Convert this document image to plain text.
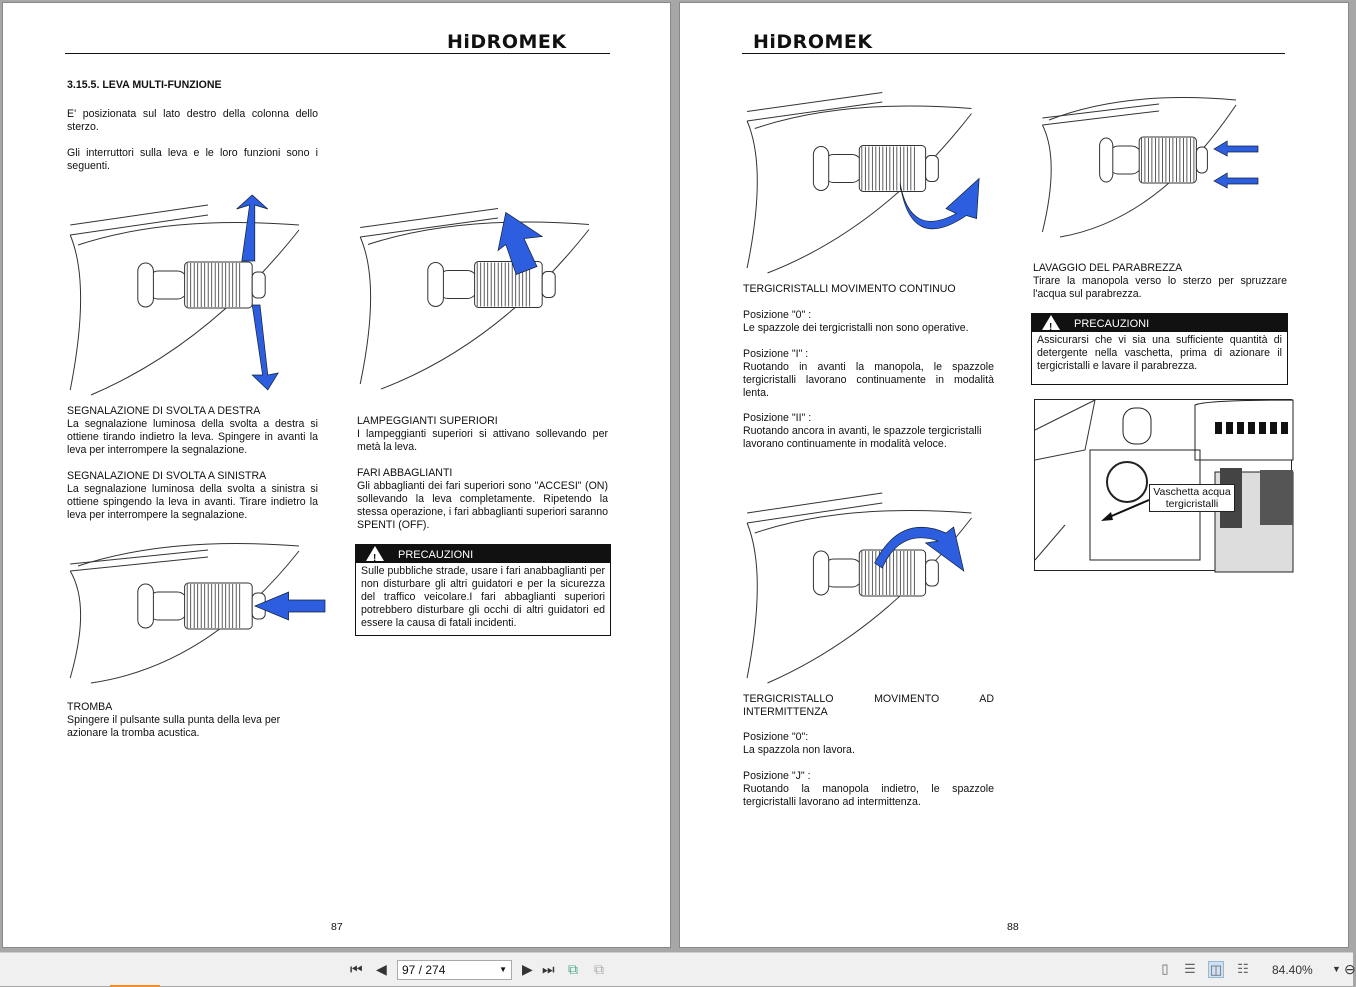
HiDROMEK
3.15.5. LEVA MULTI-FUNZIONE
E' posizionata sul lato destro della colonna dello sterzo.
Gli interruttori sulla leva e le loro funzioni sono i seguenti.
SEGNALAZIONE DI SVOLTA A DESTRA
La segnalazione luminosa della svolta a destra si ottiene tirando indietro la leva. Spingere in avanti la leva per interrompere la segnalazione.
SEGNALAZIONE DI SVOLTA A SINISTRA
La segnalazione luminosa della svolta a sinistra si ottiene spingendo la leva in avanti. Tirare indietro la leva per interrompere la segnalazione.
LAMPEGGIANTI SUPERIORI
I lampeggianti superiori si attivano sollevando per metà la leva.
FARI ABBAGLIANTI
Gli abbaglianti dei fari superiori sono "ACCESI" (ON) sollevando la leva completamente. Ripetendo la stessa operazione, i fari abbaglianti superiori saranno SPENTI (OFF).
!
PRECAUZIONI
Sulle pubbliche strade, usare i fari anabbaglianti per non disturbare gli altri guidatori e per la sicurezza del traffico veicolare.I fari abbaglianti superiori potrebbero disturbare gli occhi di altri guidatori ed essere la causa di fatali incidenti.
TROMBA
Spingere il pulsante sulla punta della leva per azionare la tromba acustica.
87
HiDROMEK
TERGICRISTALLI MOVIMENTO CONTINUO
Posizione "0" :
Le spazzole dei tergicristalli non sono operative.
Posizione "I" :
Ruotando in avanti la manopola, le spazzole tergicristalli lavorano continuamente in modalità lenta.
Posizione "II" :
Ruotando ancora in avanti, le spazzole tergicristalli lavorano continuamente in modalità veloce.
TERGICRISTALLO MOVIMENTO AD INTERMITTENZA
Posizione "0":
La spazzola non lavora.
Posizione "J" :
Ruotando la manopola indietro, le spazzole tergicristalli lavorano ad intermittenza.
LAVAGGIO DEL PARABREZZA
Tirare la manopola verso lo sterzo per spruzzare l'acqua sul parabrezza.
!
PRECAUZIONI
Assicurarsi che vi sia una sufficiente quantità di detergente nella vaschetta, prima di azionare il tergicristalli e lavare il parabrezza.
Vaschetta acqua tergicristalli
88
⏮ ◀	97 / 274	▼ ▶ ⏭ ⧉ ⧉	▯	☰ ◫ ☷ 84.40% ▼ ⊖
